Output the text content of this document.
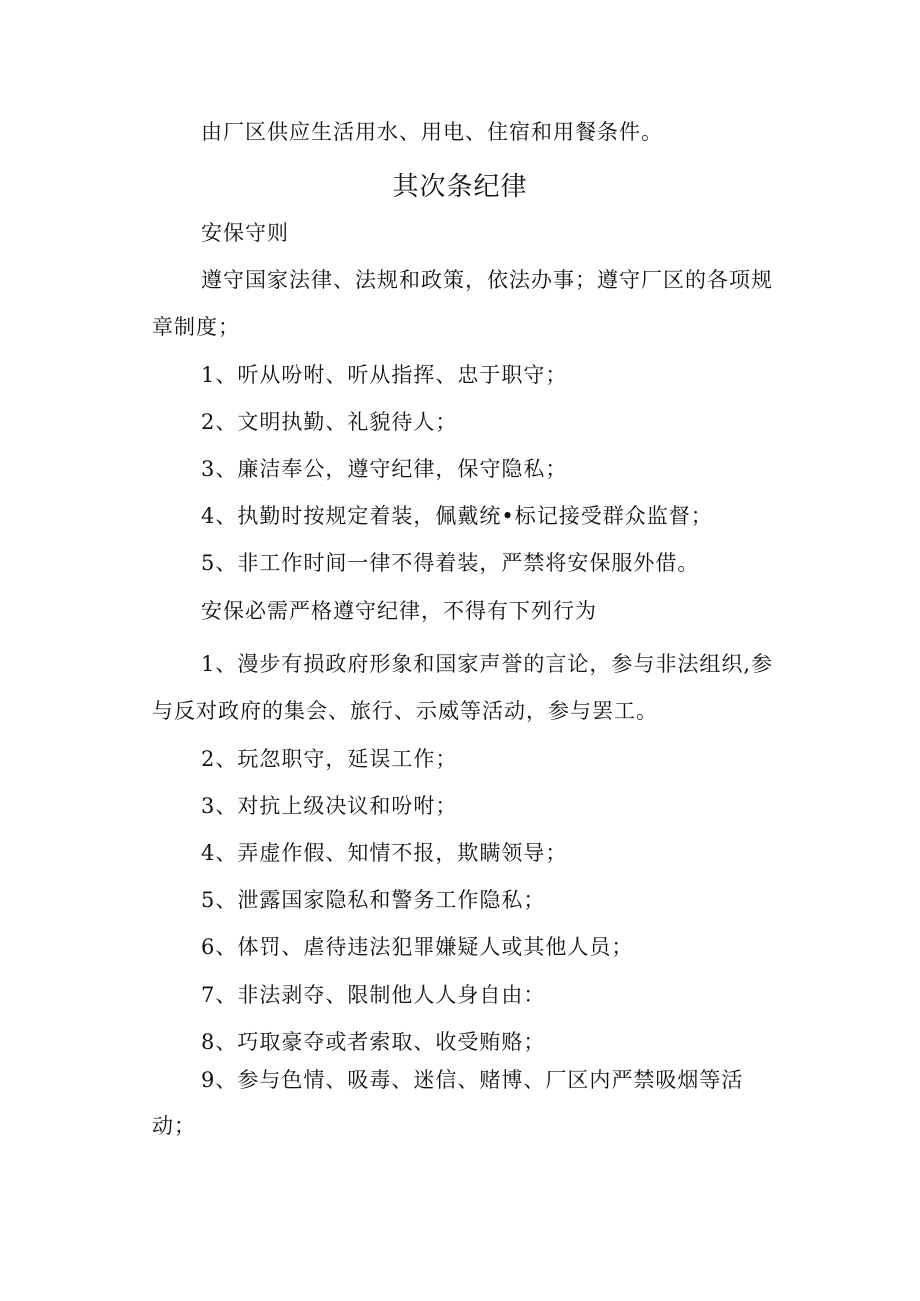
由厂区供应生活用水、用电、住宿和用餐条件。
其次条纪律
安保守则
遵守国家法律、法规和政策，依法办事；遵守厂区的各项规
章制度；
1、听从吩咐、听从指挥、忠于职守；
2、文明执勤、礼貌待人；
3、廉洁奉公，遵守纪律，保守隐私；
4、执勤时按规定着装，佩戴统•标记接受群众监督；
5、非工作时间一律不得着装，严禁将安保服外借。
安保必需严格遵守纪律，不得有下列行为
1、漫步有损政府形象和国家声誉的言论，参与非法组织,参
与反对政府的集会、旅行、示威等活动，参与罢工。
2、玩忽职守，延误工作；
3、对抗上级决议和吩咐；
4、弄虚作假、知情不报，欺瞒领导；
5、泄露国家隐私和警务工作隐私；
6、体罚、虐待违法犯罪嫌疑人或其他人员；
7、非法剥夺、限制他人人身自由：
8、巧取豪夺或者索取、收受贿赂；
9、参与色情、吸毒、迷信、赌博、厂区内严禁吸烟等活
动；
